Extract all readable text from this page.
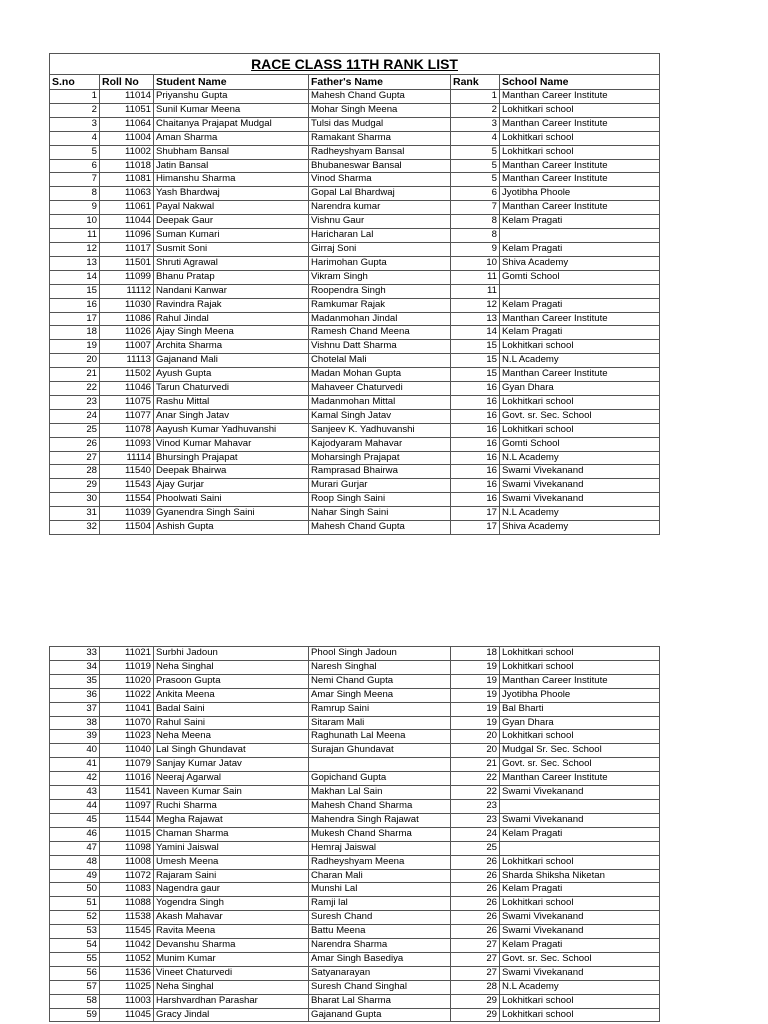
RACE CLASS 11TH RANK LIST					
S.no	Roll No	Student Name	Father's Name	Rank	School Name
1	11014	Priyanshu Gupta	Mahesh Chand Gupta	1	Manthan Career Institute
2	11051	Sunil Kumar Meena	Mohar Singh Meena	2	Lokhitkari school
3	11064	Chaitanya Prajapat Mudgal	Tulsi das Mudgal	3	Manthan Career Institute
4	11004	Aman Sharma	Ramakant Sharma	4	Lokhitkari school
5	11002	Shubham Bansal	Radheyshyam Bansal	5	Lokhitkari school
6	11018	Jatin Bansal	Bhubaneswar Bansal	5	Manthan Career Institute
7	11081	Himanshu Sharma	Vinod Sharma	5	Manthan Career Institute
8	11063	Yash Bhardwaj	Gopal Lal Bhardwaj	6	Jyotibha Phoole
9	11061	Payal Nakwal	Narendra kumar	7	Manthan Career Institute
10	11044	Deepak Gaur	Vishnu Gaur	8	Kelam Pragati
11	11096	Suman Kumari	Haricharan Lal	8	
12	11017	Susmit Soni	Girraj Soni	9	Kelam Pragati
13	11501	Shruti Agrawal	Harimohan Gupta	10	Shiva Academy
14	11099	Bhanu Pratap	Vikram Singh	11	Gomti School
15	11112	Nandani Kanwar	Roopendra Singh	11	
16	11030	Ravindra Rajak	Ramkumar Rajak	12	Kelam Pragati
17	11086	Rahul Jindal	Madanmohan Jindal	13	Manthan Career Institute
18	11026	Ajay Singh Meena	Ramesh Chand Meena	14	Kelam Pragati
19	11007	Archita Sharma	Vishnu Datt Sharma	15	Lokhitkari school
20	11113	Gajanand Mali	Chotelal Mali	15	N.L Academy
21	11502	Ayush Gupta	Madan Mohan Gupta	15	Manthan Career Institute
22	11046	Tarun Chaturvedi	Mahaveer Chaturvedi	16	Gyan Dhara
23	11075	Rashu Mittal	Madanmohan Mittal	16	Lokhitkari school
24	11077	Anar Singh Jatav	Kamal Singh Jatav	16	Govt. sr. Sec. School
25	11078	Aayush Kumar Yadhuvanshi	Sanjeev K. Yadhuvanshi	16	Lokhitkari school
26	11093	Vinod Kumar Mahavar	Kajodyaram Mahavar	16	Gomti School
27	11114	Bhursingh Prajapat	Moharsingh Prajapat	16	N.L Academy
28	11540	Deepak Bhairwa	Ramprasad Bhairwa	16	Swami Vivekanand
29	11543	Ajay Gurjar	Murari Gurjar	16	Swami Vivekanand
30	11554	Phoolwati Saini	Roop Singh Saini	16	Swami Vivekanand
31	11039	Gyanendra Singh Saini	Nahar Singh Saini	17	N.L Academy
32	11504	Ashish Gupta	Mahesh Chand Gupta	17	Shiva Academy
33	11021	Surbhi Jadoun	Phool Singh Jadoun	18	Lokhitkari school
34	11019	Neha Singhal	Naresh Singhal	19	Lokhitkari school
35	11020	Prasoon Gupta	Nemi Chand Gupta	19	Manthan Career Institute
36	11022	Ankita Meena	Amar Singh Meena	19	Jyotibha Phoole
37	11041	Badal Saini	Ramrup Saini	19	Bal Bharti
38	11070	Rahul Saini	Sitaram Mali	19	Gyan Dhara
39	11023	Neha Meena	Raghunath Lal Meena	20	Lokhitkari school
40	11040	Lal Singh Ghundavat	Surajan Ghundavat	20	Mudgal Sr. Sec. School
41	11079	Sanjay Kumar Jatav		21	Govt. sr. Sec. School
42	11016	Neeraj Agarwal	Gopichand Gupta	22	Manthan Career Institute
43	11541	Naveen Kumar Sain	Makhan Lal Sain	22	Swami Vivekanand
44	11097	Ruchi Sharma	Mahesh Chand Sharma	23	
45	11544	Megha Rajawat	Mahendra Singh Rajawat	23	Swami Vivekanand
46	11015	Chaman Sharma	Mukesh Chand Sharma	24	Kelam Pragati
47	11098	Yamini Jaiswal	Hemraj Jaiswal	25	
48	11008	Umesh Meena	Radheyshyam Meena	26	Lokhitkari school
49	11072	Rajaram Saini	Charan Mali	26	Sharda Shiksha Niketan
50	11083	Nagendra gaur	Munshi Lal	26	Kelam Pragati
51	11088	Yogendra Singh	Ramji lal	26	Lokhitkari school
52	11538	Akash Mahavar	Suresh Chand	26	Swami Vivekanand
53	11545	Ravita Meena	Battu Meena	26	Swami Vivekanand
54	11042	Devanshu Sharma	Narendra Sharma	27	Kelam Pragati
55	11052	Munim Kumar	Amar Singh Basediya	27	Govt. sr. Sec. School
56	11536	Vineet Chaturvedi	Satyanarayan	27	Swami Vivekanand
57	11025	Neha Singhal	Suresh Chand Singhal	28	N.L Academy
58	11003	Harshvardhan Parashar	Bharat Lal Sharma	29	Lokhitkari school
59	11045	Gracy Jindal	Gajanand Gupta	29	Lokhitkari school
